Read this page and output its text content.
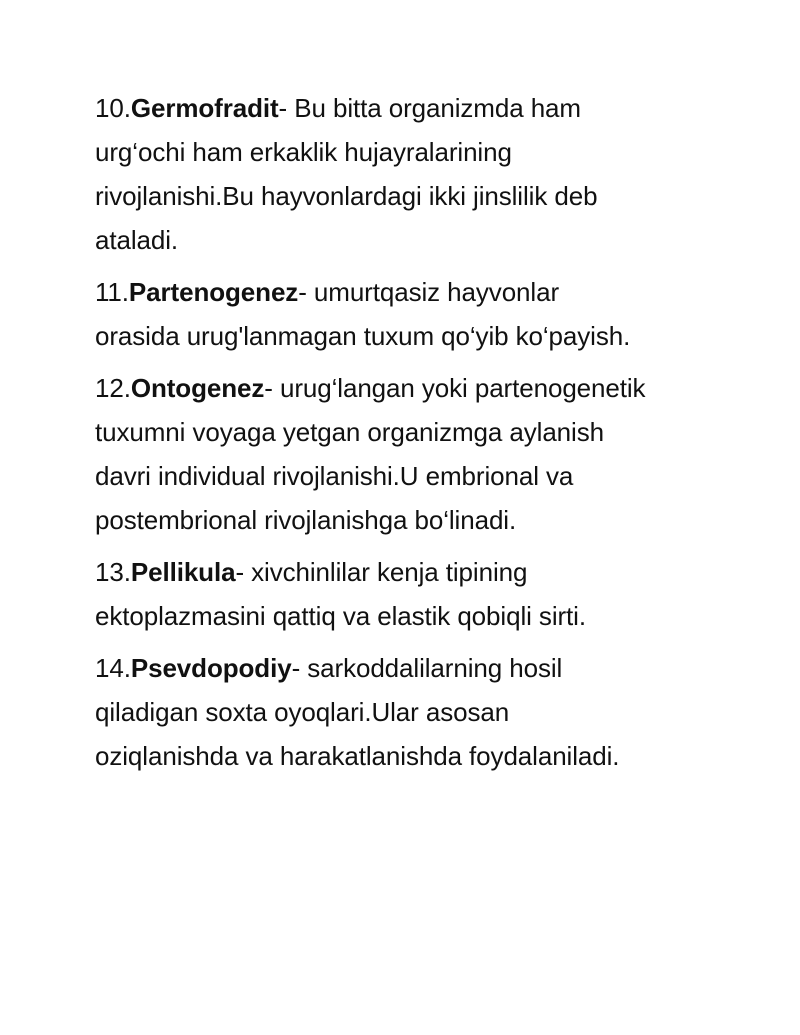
10.Germofradit- Bu bitta organizmda ham
urg‘ochi ham erkaklik hujayralarining
rivojlanishi.Bu hayvonlardagi ikki jinslilik deb
ataladi.

11.Partenogenez- umurtqasiz hayvonlar
orasida urug'lanmagan tuxum qo‘yib ko‘payish.

12.Ontogenez- urug‘langan yoki partenogenetik
tuxumni voyaga yetgan organizmga aylanish
davri individual rivojlanishi.U embrional va
postembrional rivojlanishga bo‘linadi.

13.Pellikula- xivchinlilar kenja tipining
ektoplazmasini qattiq va elastik qobiqli sirti.

14.Psevdopodiy- sarkoddalilarning hosil
qiladigan soxta oyoqlari.Ular asosan
oziqlanishda va harakatlanishda foydalaniladi.
